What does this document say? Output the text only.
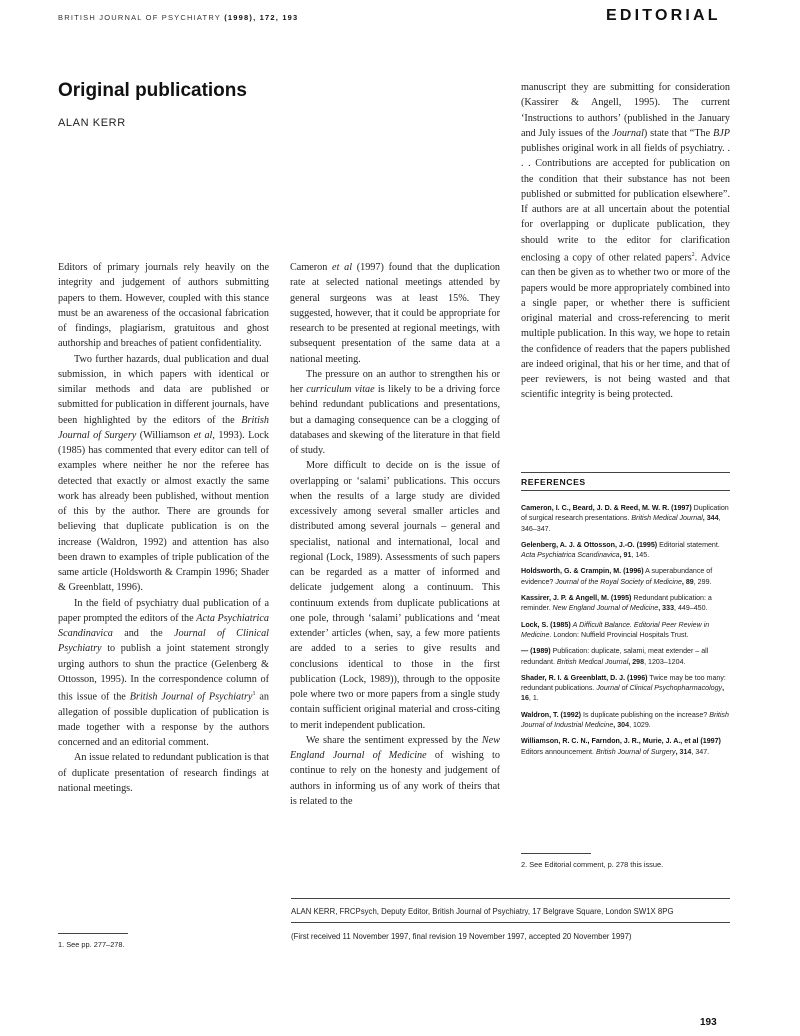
BRITISH JOURNAL OF PSYCHIATRY (1998), 172, 193	EDITORIAL
Original publications
ALAN KERR

Editors of primary journals rely heavily on the integrity and judgement of authors submitting papers to them. However, coupled with this stance must be an awareness of the occasional fabrication of findings, plagiarism, gratuitous and ghost authorship and breaches of patient confidentiality.

Two further hazards, dual publication and dual submission, in which papers with identical or similar methods and data are published or submitted for publication in different journals, have been highlighted by the editors of the British Journal of Surgery (Williamson et al, 1993). Lock (1985) has commented that every editor can tell of examples where neither he nor the referee has detected that exactly or almost exactly the same work has already been published, without mention of this by the author. There are grounds for believing that duplicate publication is on the increase (Waldron, 1992) and attention has also been drawn to examples of triple publication of the same article (Holdsworth & Crampin 1996; Shader & Greenblatt, 1996).

In the field of psychiatry dual publication of a paper prompted the editors of the Acta Psychiatrica Scandinavica and the Journal of Clinical Psychiatry to publish a joint statement strongly urging authors to shun the practice (Gelenberg & Ottosson, 1995). In the correspondence column of this issue of the British Journal of Psychiatry$^1$ an allegation of possible duplication of publication is made together with a response by the authors concerned and an editorial comment.

An issue related to redundant publication is that of duplicate presentation of research findings at national meetings.

Cameron et al (1997) found that the duplication rate at selected national meetings attended by general surgeons was at least 15%. They suggested, however, that it could be appropriate for research to be presented at regional meetings, with subsequent presentation of the same data at a national meeting.

The pressure on an author to strengthen his or her curriculum vitae is likely to be a driving force behind redundant publications and presentations, but a damaging consequence can be a clogging of databases and skewing of the literature in that field of study.

More difficult to decide on is the issue of overlapping or ‘salami’ publications. This occurs when the results of a large study are divided excessively among several smaller articles and distributed among several journals – general and specialist, national and international, local and regional (Lock, 1989). Assessments of such papers can be regarded as a matter of informed and delicate judgement along a continuum. This continuum extends from duplicate publications at one pole, through ‘salami’ publications and ‘meat extender’ articles (when, say, a few more patients are added to a series to give results and conclusions identical to those in the first publication (Lock, 1989)), through to the opposite pole where two or more papers from a single study contain sufficient original material and cross-citing to merit independent publication.

We share the sentiment expressed by the New England Journal of Medicine of wishing to continue to rely on the honesty and judgement of authors in informing us of any work of theirs that is related to the

manuscript they are submitting for consideration (Kassirer & Angell, 1995). The current ‘Instructions to authors’ (published in the January and July issues of the Journal) state that “The BJP publishes original work in all fields of psychiatry. . . . Contributions are accepted for publication on the condition that their substance has not been published or submitted for publication elsewhere”. If authors are at all uncertain about the potential for overlapping or duplicate publication, they should write to the editor for clarification enclosing a copy of other related papers$^2$. Advice can then be given as to whether two or more of the papers would be more appropriately combined into a single paper, or whether there is sufficient original material and cross-referencing to merit multiple publication. In this way, we hope to retain the confidence of readers that the papers published are indeed original, that his or her time, and that of peer reviewers, is not being wasted and that scientific integrity is being protected.

REFERENCES
Cameron, I. C., Beard, J. D. & Reed, M. W. R. (1997) Duplication of surgical research presentations. British Medical Journal, 344, 346–347.
Gelenberg, A. J. & Ottosson, J.-O. (1995) Editorial statement. Acta Psychiatrica Scandinavica, 91, 145.
Holdsworth, G. & Crampin, M. (1996) A superabundance of evidence? Journal of the Royal Society of Medicine, 89, 299.
Kassirer, J. P. & Angell, M. (1995) Redundant publication: a reminder. New England Journal of Medicine, 333, 449–450.
Lock, S. (1985) A Difficult Balance. Editorial Peer Review in Medicine. London: Nuffield Provincial Hospitals Trust.
— (1989) Publication: duplicate, salami, meat extender – all redundant. British Medical Journal, 298, 1203–1204.
Shader, R. I. & Greenblatt, D. J. (1996) Twice may be too many: redundant publications. Journal of Clinical Psychopharmacology, 16, 1.
Waldron, T. (1992) Is duplicate publishing on the increase? British Journal of Industrial Medicine, 304, 1029.
Williamson, R. C. N., Farndon, J. R., Murie, J. A., et al (1997) Editors announcement. British Journal of Surgery, 314, 347.
2. See Editorial comment, p. 278 this issue.
ALAN KERR, FRCPsych, Deputy Editor, British Journal of Psychiatry, 17 Belgrave Square, London SW1X 8PG
(First received 11 November 1997, final revision 19 November 1997, accepted 20 November 1997)
1. See pp. 277–278.
193
